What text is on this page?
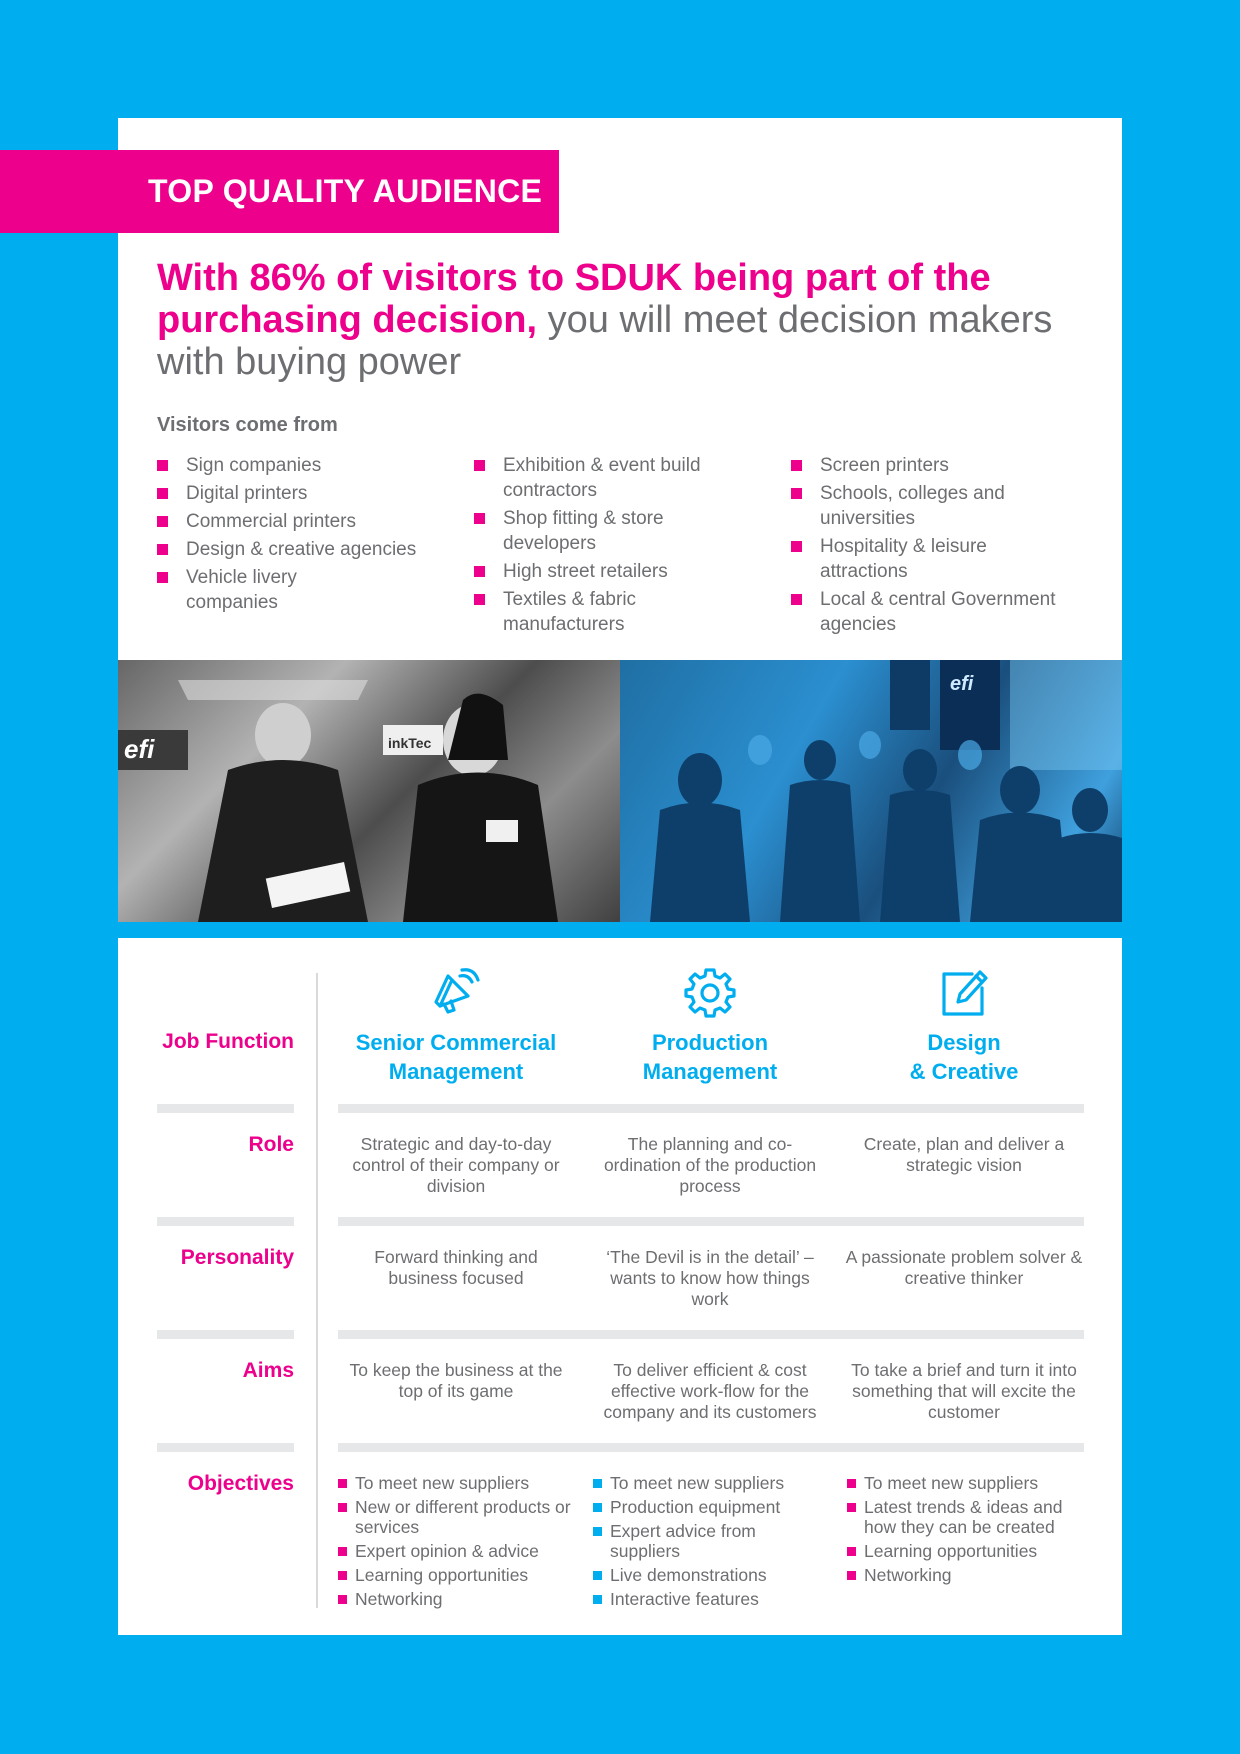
TOP QUALITY AUDIENCE
With 86% of visitors to SDUK being part of the purchasing decision, you will meet decision makers with buying power
Visitors come from
Sign companies
Digital printers
Commercial printers
Design & creative agencies
Vehicle livery companies
Exhibition & event build contractors
Shop fitting & store developers
High street retailers
Textiles & fabric manufacturers
Screen printers
Schools, colleges and universities
Hospitality & leisure attractions
Local & central Government agencies
efi	inkTec
efi
Senior Commercial
Management
Production
Management
Design
& Creative
Job Function
Role
Personality
Aims
Objectives
Strategic and day-to-day control of their company or division
The planning and co-ordination of the production process
Create, plan and deliver a strategic vision
Forward thinking and business focused
‘The Devil is in the detail’ – wants to know how things work
A passionate problem solver & creative thinker
To keep the business at the top of its game
To deliver efficient & cost effective work-flow for the company and its customers
To take a brief and turn it into something that will excite the customer
To meet new suppliers
New or different products or services
Expert opinion & advice
Learning opportunities
Networking
To meet new suppliers
Production equipment
Expert advice from suppliers
Live demonstrations
Interactive features
To meet new suppliers
Latest trends & ideas and how they can be created
Learning opportunities
Networking
